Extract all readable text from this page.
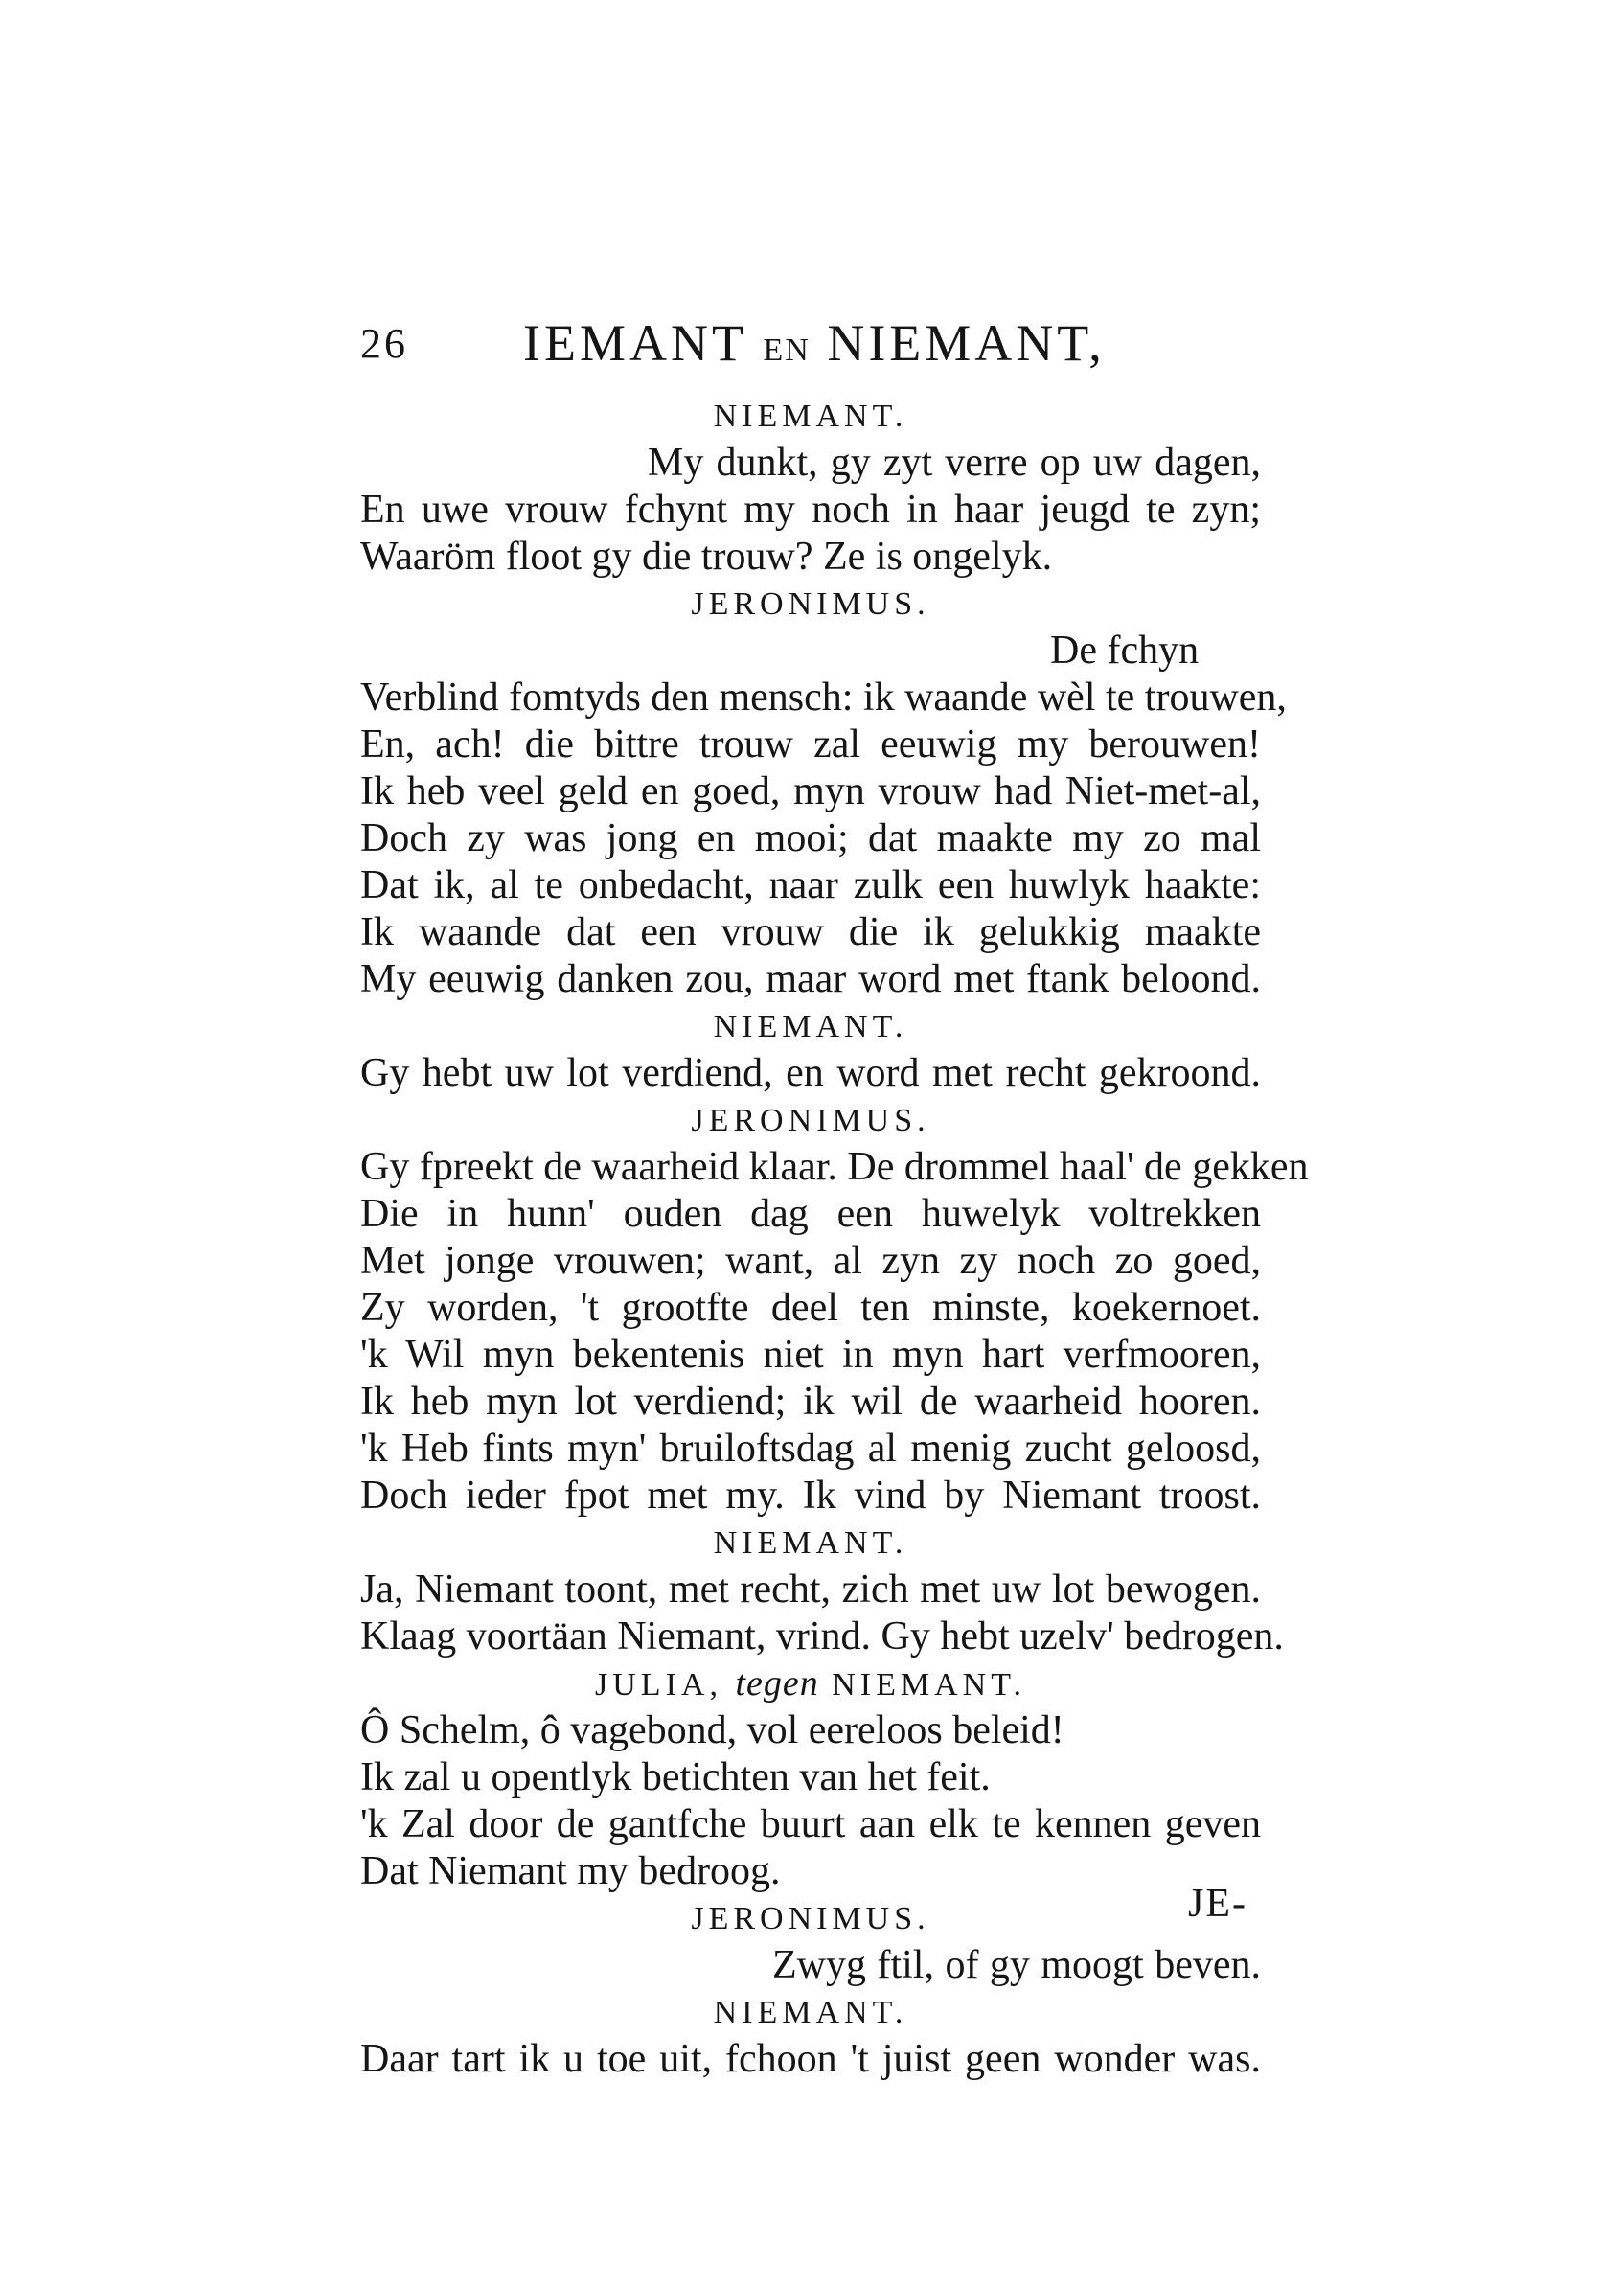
26 IEMANT EN NIEMANT,
NIEMANT.
My dunkt, gy zyt verre op uw dagen,
En uwe vrouw fchynt my noch in haar jeugd te zyn;
Waaröm floot gy die trouw? Ze is ongelyk.
JERONIMUS.
De fchyn
Verblind fomtyds den mensch: ik waande wèl te trouwen,
En, ach! die bittre trouw zal eeuwig my berouwen!
Ik heb veel geld en goed, myn vrouw had Niet-met-al,
Doch zy was jong en mooi; dat maakte my zo mal
Dat ik, al te onbedacht, naar zulk een huwlyk haakte:
Ik waande dat een vrouw die ik gelukkig maakte
My eeuwig danken zou, maar word met ftank beloond.
NIEMANT.
Gy hebt uw lot verdiend, en word met recht gekroond.
JERONIMUS.
Gy fpreekt de waarheid klaar. De drommel haal' de gekken
Die in hunn' ouden dag een huwelyk voltrekken
Met jonge vrouwen; want, al zyn zy noch zo goed,
Zy worden, 't grootfte deel ten minste, koekernoet.
'k Wil myn bekentenis niet in myn hart verfmooren,
Ik heb myn lot verdiend; ik wil de waarheid hooren.
'k Heb fints myn' bruiloftsdag al menig zucht geloosd,
Doch ieder fpot met my. Ik vind by Niemant troost.
NIEMANT.
Ja, Niemant toont, met recht, zich met uw lot bewogen.
Klaag voortäan Niemant, vrind. Gy hebt uzelv' bedrogen.
JULIA, tegen NIEMANT.
Ô Schelm, ô vagebond, vol eereloos beleid!
Ik zal u opentlyk betichten van het feit.
'k Zal door de gantfche buurt aan elk te kennen geven
Dat Niemant my bedroog.
JERONIMUS.
Zwyg ftil, of gy moogt beven.
NIEMANT.
Daar tart ik u toe uit, fchoon 't juist geen wonder was.
JE-
